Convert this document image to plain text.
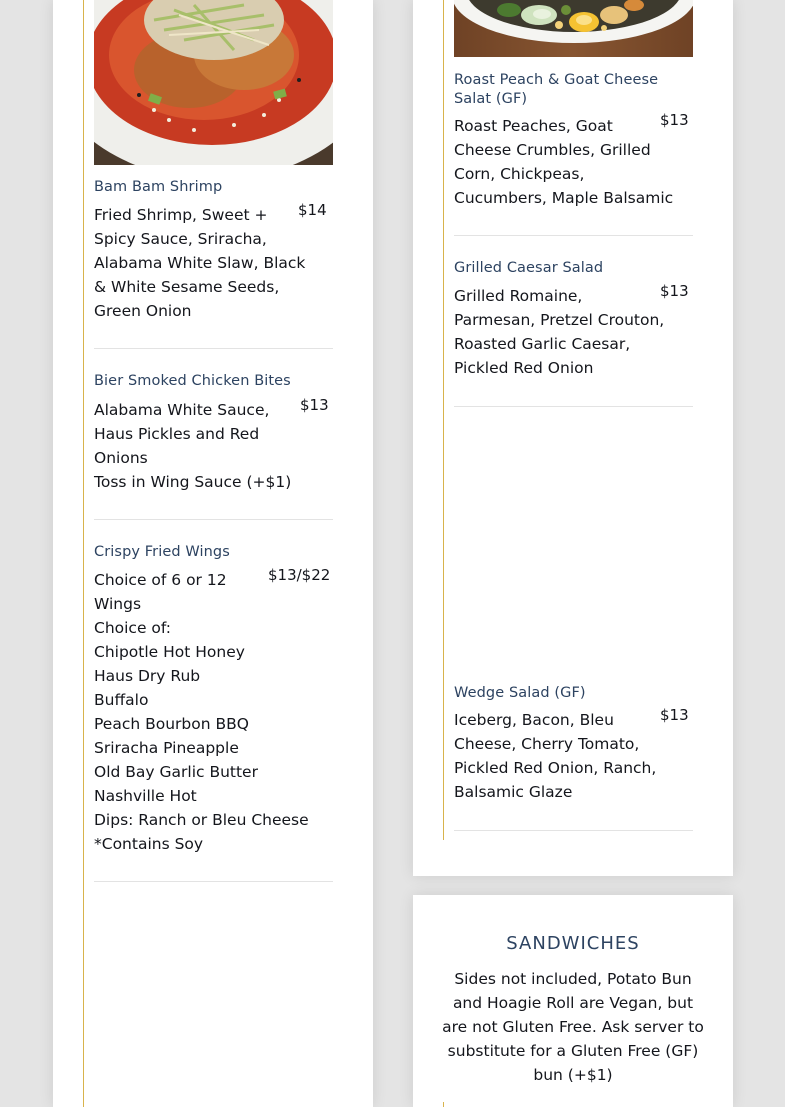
Bam Bam Shrimp
$14
Fried Shrimp, Sweet +
Spicy Sauce, Sriracha,
Alabama White Slaw, Black
& White Sesame Seeds,
Green Onion
Bier Smoked Chicken Bites
$13
Alabama White Sauce,
Haus Pickles and Red
Onions
Toss in Wing Sauce (+$1)
Crispy Fried Wings
$13/$22
Choice of 6 or 12
Wings
Choice of:
Chipotle Hot Honey
Haus Dry Rub
Buffalo
Peach Bourbon BBQ
Sriracha Pineapple
Old Bay Garlic Butter
Nashville Hot
Dips: Ranch or Bleu Cheese
*Contains Soy
Roast Peach & Goat Cheese
Salat (GF)
$13
Roast Peaches, Goat
Cheese Crumbles, Grilled
Corn, Chickpeas,
Cucumbers, Maple Balsamic
Grilled Caesar Salad
$13
Grilled Romaine,
Parmesan, Pretzel Crouton,
Roasted Garlic Caesar,
Pickled Red Onion
Wedge Salad (GF)
$13
Iceberg, Bacon, Bleu
Cheese, Cherry Tomato,
Pickled Red Onion, Ranch,
Balsamic Glaze
SANDWICHES
Sides not included, Potato Bun
and Hoagie Roll are Vegan, but
are not Gluten Free. Ask server to
substitute for a Gluten Free (GF)
bun (+$1)
